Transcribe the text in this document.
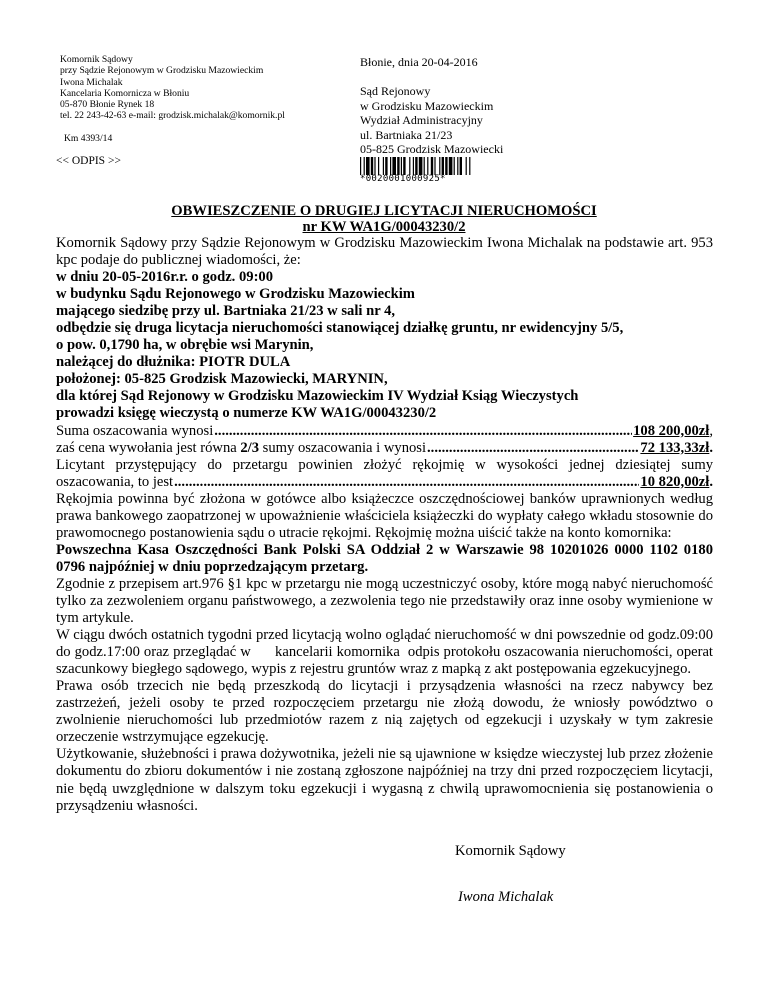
Komornik Sądowy
przy Sądzie Rejonowym w Grodzisku Mazowieckim
Iwona Michalak
Kancelaria Komornicza w Błoniu
05-870 Błonie Rynek 18
tel. 22 243-42-63 e-mail: grodzisk.michalak@komornik.pl
Km 4393/14
Błonie, dnia 20-04-2016
Sąd Rejonowy
w Grodzisku Mazowieckim
Wydział Administracyjny
ul. Bartniaka 21/23
05-825 Grodzisk Mazowiecki
<< ODPIS >>
*0020001000925*
OBWIESZCZENIE O DRUGIEJ LICYTACJI NIERUCHOMOŚCI
nr KW WA1G/00043230/2

Komornik Sądowy przy Sądzie Rejonowym w Grodzisku Mazowieckim Iwona Michalak na podstawie art. 953 kpc podaje do publicznej wiadomości, że:

w dniu 20-05-2016r.r. o godz. 09:00

w budynku Sądu Rejonowego w Grodzisku Mazowieckim

mającego siedzibę przy ul. Bartniaka 21/23 w sali nr 4,

odbędzie się druga licytacja nieruchomości stanowiącej działkę gruntu, nr ewidencyjny 5/5,

o pow. 0,1790 ha, w obrębie wsi Marynin,

należącej do dłużnika: PIOTR DULA

położonej: 05-825 Grodzisk Mazowiecki, MARYNIN,

dla której Sąd Rejonowy w Grodzisku Mazowieckim IV Wydział Ksiąg Wieczystych

prowadzi księgę wieczystą o numerze KW WA1G/00043230/2

Suma oszacowania wynosi .....	108 200,00zł ,
zaś cena wywołania jest równa 2/3 sumy oszacowania i wynosi .....	72 133,33zł .

Licytant przystępujący do przetargu powinien złożyć rękojmię w wysokości jednej dziesiątej sumy

oszacowania, to jest .....	10 820,00zł .

Rękojmia powinna być złożona w gotówce albo książeczce oszczędnościowej banków uprawnionych według prawa bankowego zaopatrzonej w upoważnienie właściciela książeczki do wypłaty całego wkładu stosownie do prawomocnego postanowienia sądu o utracie rękojmi. Rękojmię można uiścić także na konto komornika:

Powszechna Kasa Oszczędności Bank Polski SA Oddział 2 w Warszawie 98 10201026 0000 1102 0180 0796 najpóźniej w dniu poprzedzającym przetarg.

Zgodnie z przepisem art.976 §1 kpc w przetargu nie mogą uczestniczyć osoby, które mogą nabyć nieruchomość tylko za zezwoleniem organu państwowego, a zezwolenia tego nie przedstawiły oraz inne osoby wymienione w tym artykule.

W ciągu dwóch ostatnich tygodni przed licytacją wolno oglądać nieruchomość w dni powszednie od godz.09:00  do godz.17:00 oraz przeglądać w      kancelarii komornika  odpis protokołu oszacowania nieruchomości, operat szacunkowy biegłego sądowego, wypis z rejestru gruntów wraz z mapką z akt postępowania egzekucyjnego.

Prawa osób trzecich nie będą przeszkodą do licytacji i przysądzenia własności na rzecz nabywcy bez zastrzeżeń, jeżeli osoby te przed rozpoczęciem przetargu nie złożą dowodu, że wniosły powództwo o zwolnienie nieruchomości lub przedmiotów razem z nią zajętych od egzekucji i uzyskały w tym zakresie orzeczenie wstrzymujące egzekucję.

Użytkowanie, służebności i prawa dożywotnika, jeżeli nie są ujawnione w księdze wieczystej lub przez złożenie dokumentu do zbioru dokumentów i nie zostaną zgłoszone najpóźniej na trzy dni przed rozpoczęciem licytacji, nie będą uwzględnione w dalszym toku egzekucji i wygasną z chwilą uprawomocnienia się postanowienia o przysądzeniu własności.

Komornik Sądowy
Iwona Michalak
